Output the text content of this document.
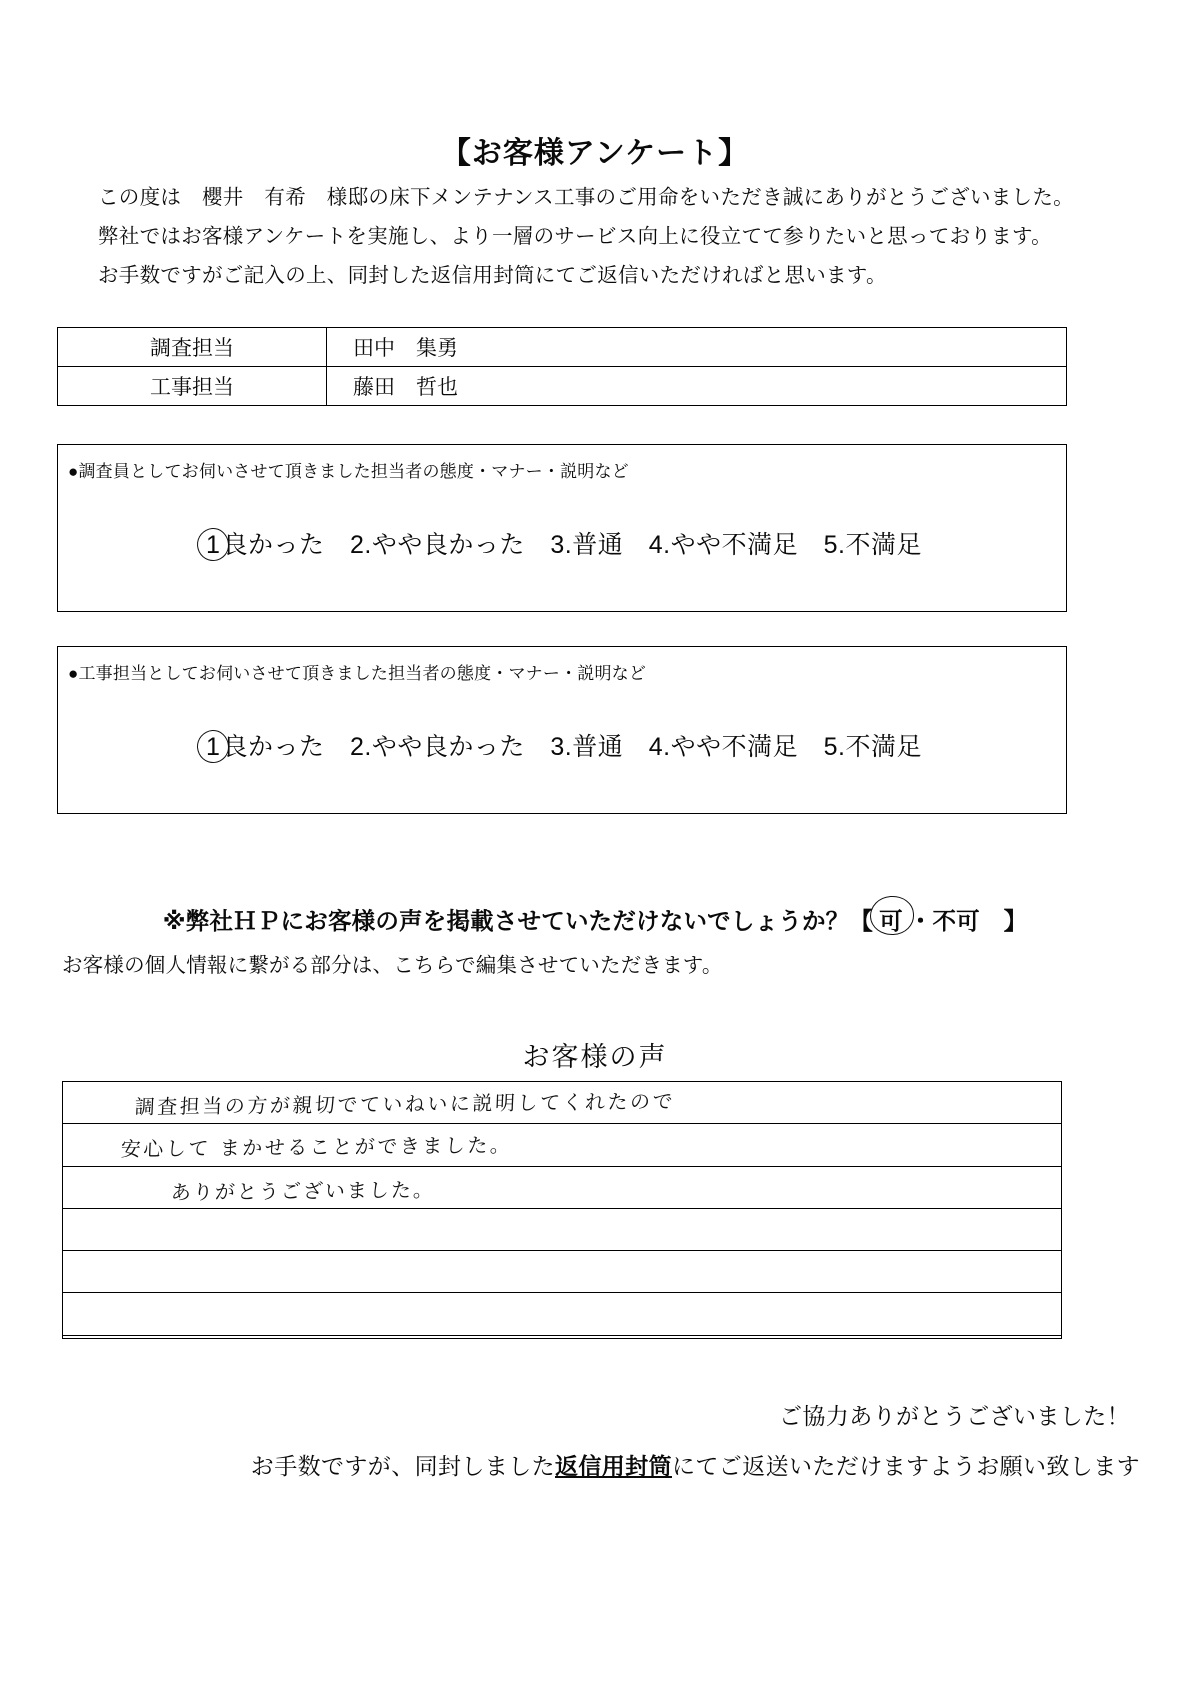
【お客様アンケート】
この度は　櫻井　有希　様邸の床下メンテナンス工事のご用命をいただき誠にありがとうございました。
弊社ではお客様アンケートを実施し、より一層のサービス向上に役立てて参りたいと思っております。
お手数ですがご記入の上、同封した返信用封筒にてご返信いただければと思います。
調査担当	田中　集勇
工事担当	藤田　哲也
●調査員としてお伺いさせて頂きました担当者の態度・マナー・説明など
1良かった　 2.やや良かった　 3.普通　 4.やや不満足　 5.不満足
●工事担当としてお伺いさせて頂きました担当者の態度・マナー・説明など
1良かった　 2.やや良かった　 3.普通　 4.やや不満足　 5.不満足
※弊社ＨＰにお客様の声を掲載させていただけないでしょうか？【 可 ・不可　 】
お客様の個人情報に繋がる部分は、こちらで編集させていただきます。
お客様の声
調査担当の方が親切でていねいに説明してくれたので
安心して まかせることができました。
ありがとうございました。
ご協力ありがとうございました！
お手数ですが、同封しました返信用封筒にてご返送いただけますようお願い致します
